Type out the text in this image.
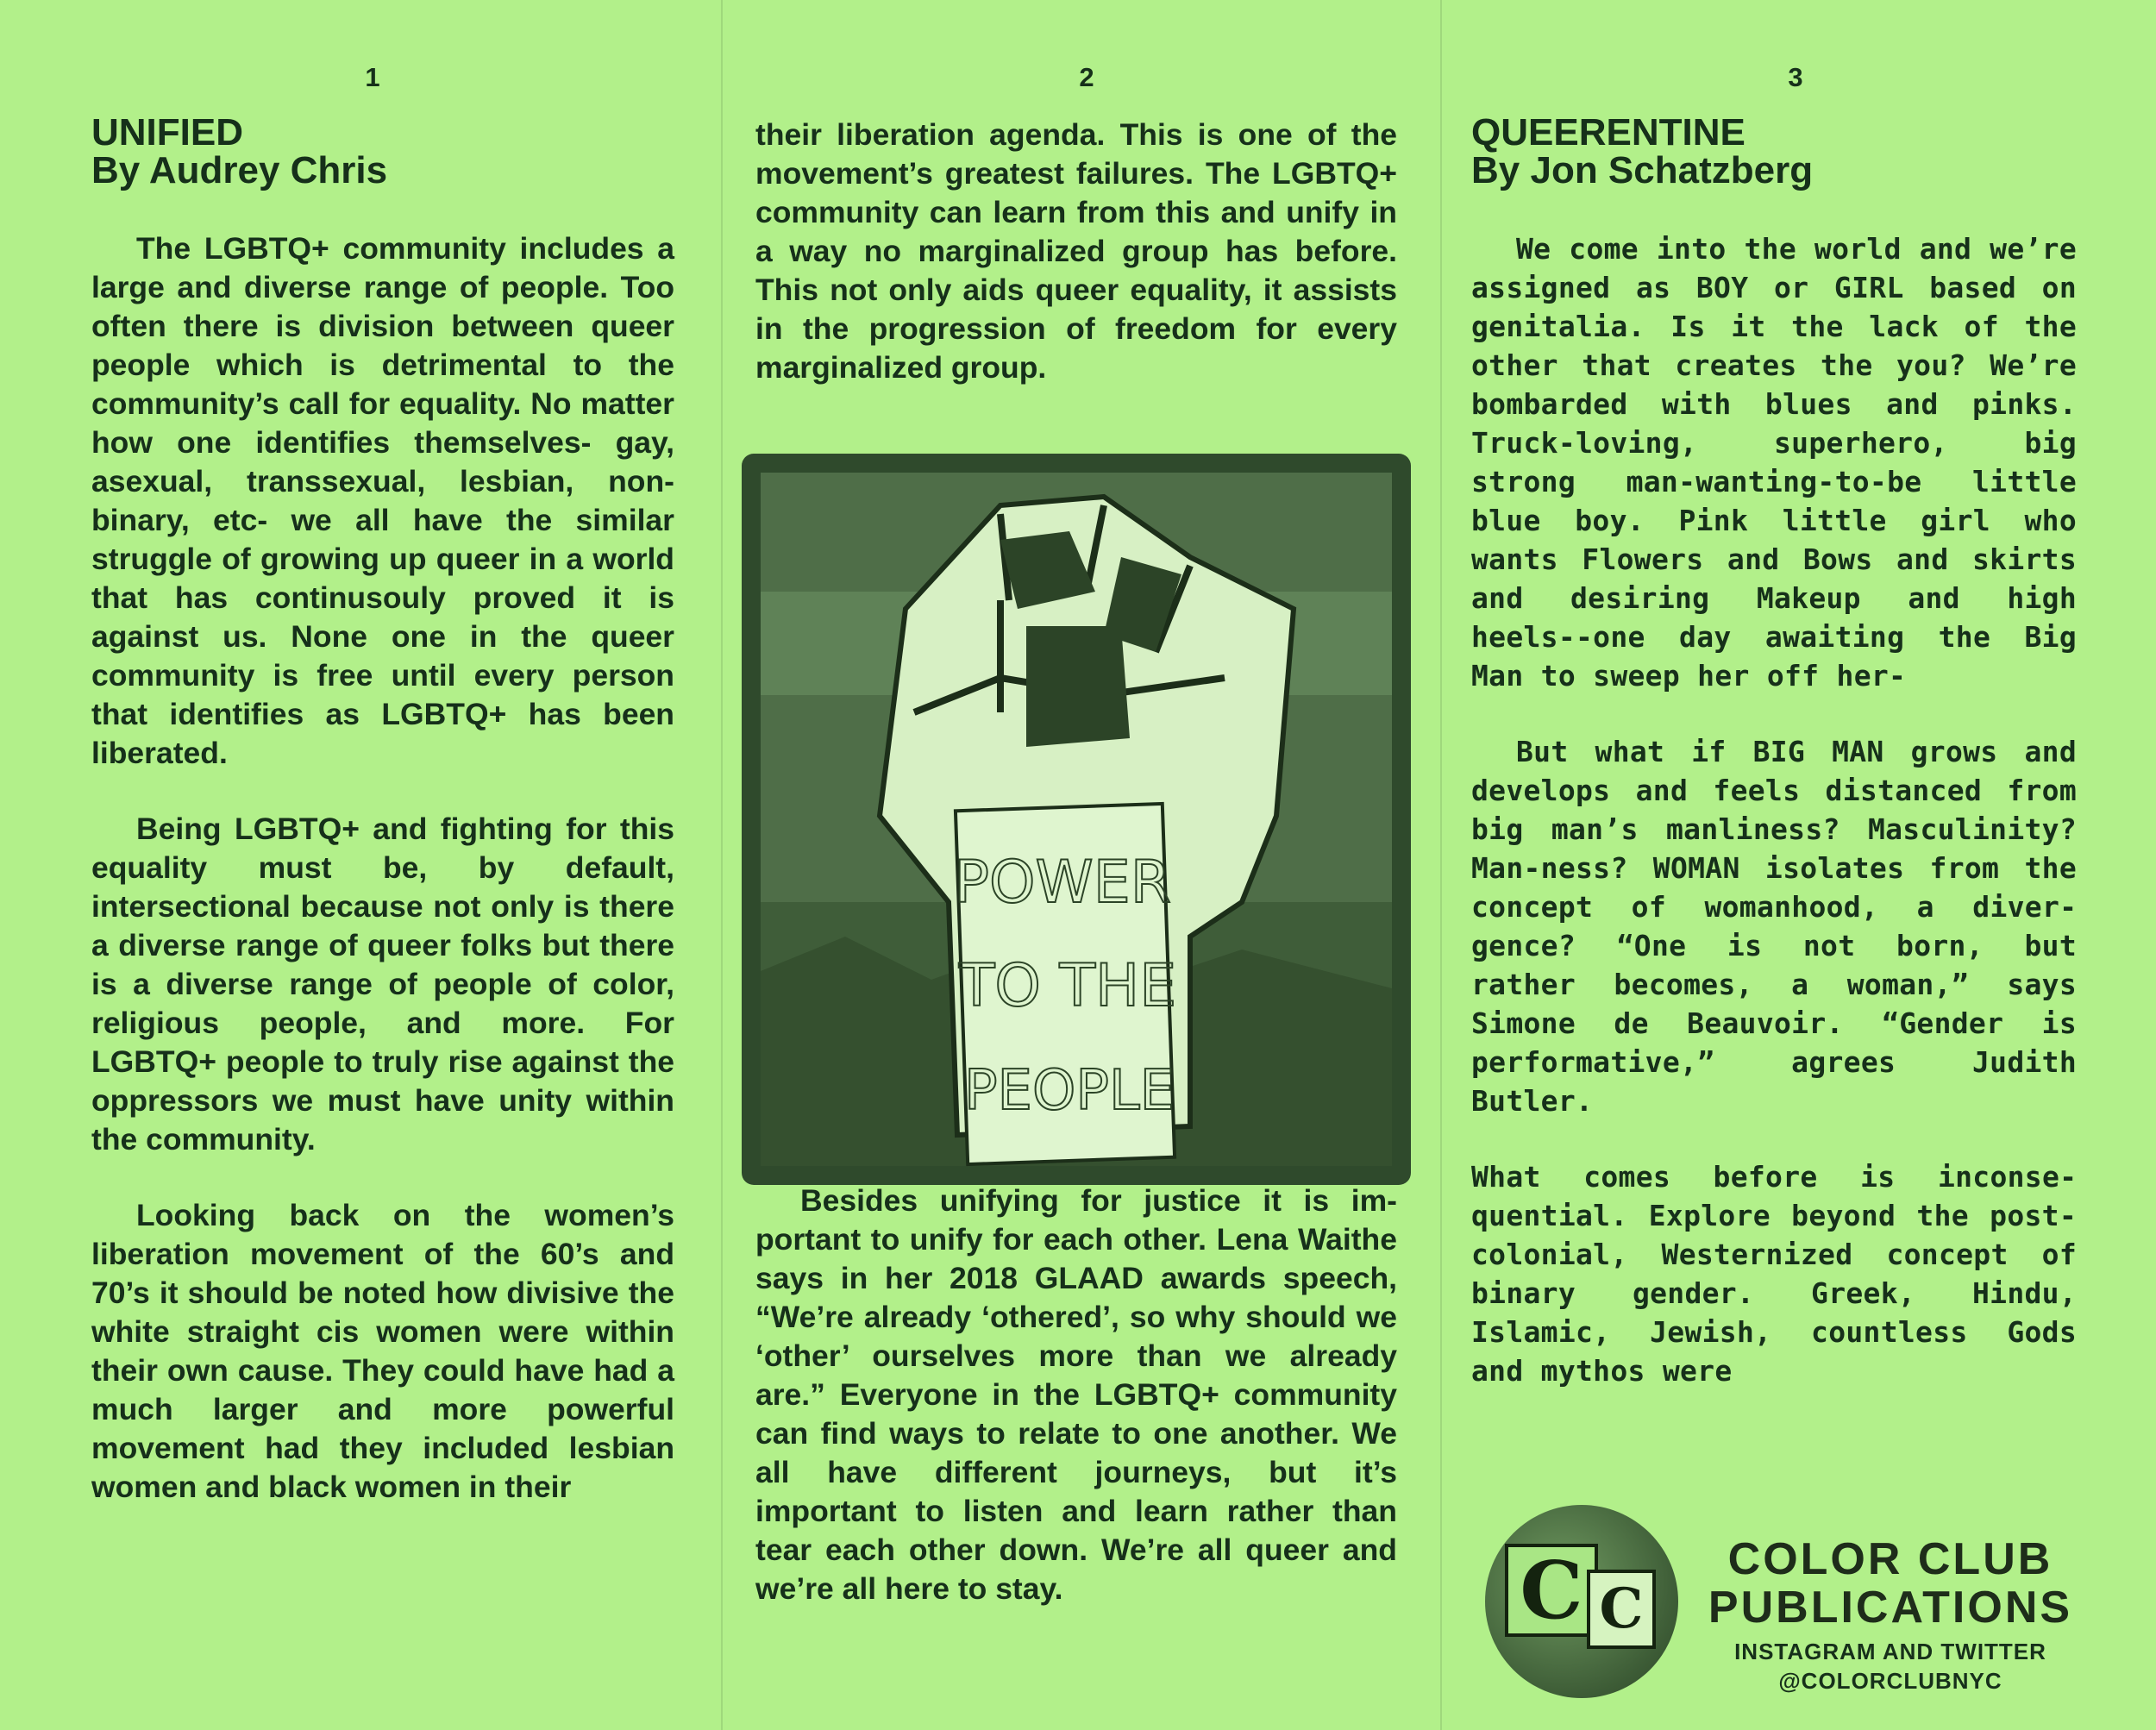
1	2	3
UNIFIED
By Audrey Chris

The LGBTQ+ community includes a large and diverse range of people. Too often there is division between queer people which is detrimental to the community’s call for equality. No matter how one identifies themselves- gay, asexual, transsexual, lesbian, non-binary, etc- we all have the similar struggle of growing up queer in a world that has continusouly proved it is against us. None one in the queer community is free until every person that identifies as LGBTQ+ has been liberated.

Being LGBTQ+ and fighting for this equality must be, by default, intersectional because not only is there a diverse range of queer folks but there is a diverse range of people of color, religious people, and more. For LGBTQ+ people to truly rise against the oppressors we must have unity within the community.

Looking back on the women’s liberation movement of the 60’s and 70’s it should be noted how divisive the white straight cis women were within their own cause. They could have had a much larger and more powerful movement had they included lesbian women and black women in their

their liberation agenda. This is one of the movement’s greatest failures. The LGBTQ+ community can learn from this and unify in a way no marginalized group has before. This not only aids queer equality, it assists in the progression of freedom for every marginalized group.

POWER
TO THE
PEOPLE

Besides unifying for justice it is important to unify for each other. Lena Waithe says in her 2018 GLAAD awards speech, “We’re already ‘othered’, so why should we ‘other’ ourselves more than we already are.” Everyone in the LGBTQ+ community can find ways to relate to one another. We all have different journeys, but it’s important to listen and learn rather than tear each other down. We’re all queer and we’re all here to stay.

QUEERENTINE
By Jon Schatzberg

We come into the world and we’re assigned as BOY or GIRL based on genitalia. Is it the lack of the other that creates the you? We’re bombarded with blues and pinks. Truck-loving, superhero, big strong man-wanting-to-be little blue boy. Pink little girl who wants Flowers and Bows and skirts and desiring Makeup and high heels--one day awaiting the Big Man to sweep her off her-

But what if BIG MAN grows and develops and feels distanced from big man’s manliness? Masculinity? Man-ness? WOMAN isolates from the concept of womanhood, a divergence? “One is not born, but rather becomes, a woman,” says Simone de Beauvoir. “Gender is performative,” agrees Judith Butler.

What comes before is inconsequential. Explore beyond the post-colonial, Westernized concept of binary gender. Greek, Hindu, Islamic, Jewish, countless Gods and mythos were

C C
COLOR CLUB
PUBLICATIONS
INSTAGRAM AND TWITTER
@COLORCLUBNYC
